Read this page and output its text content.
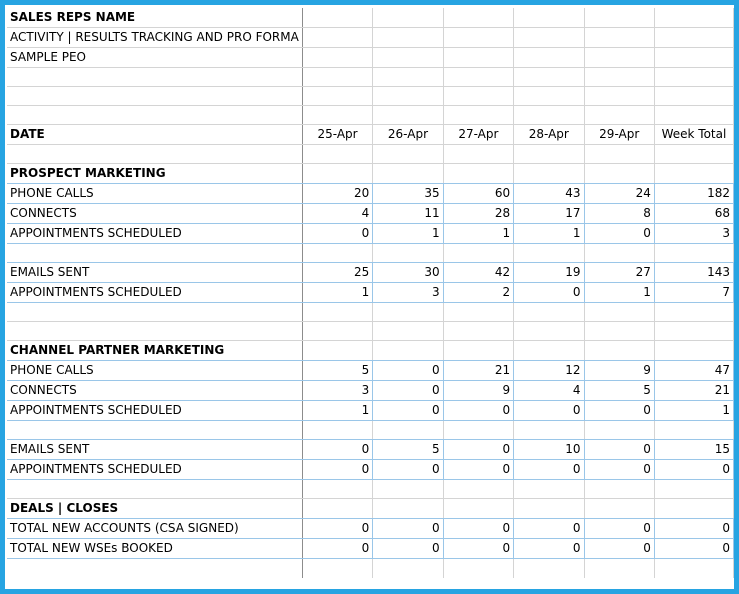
SALES REPS NAME						
ACTIVITY | RESULTS TRACKING AND PRO FORMA						
SAMPLE PEO						

DATE	25-Apr	26-Apr	27-Apr	28-Apr	29-Apr	Week Total

PROSPECT MARKETING						
PHONE CALLS	20	35	60	43	24	182
CONNECTS	4	11	28	17	8	68
APPOINTMENTS SCHEDULED	0	1	1	1	0	3

EMAILS SENT	25	30	42	19	27	143
APPOINTMENTS SCHEDULED	1	3	2	0	1	7

CHANNEL PARTNER MARKETING						
PHONE CALLS	5	0	21	12	9	47
CONNECTS	3	0	9	4	5	21
APPOINTMENTS SCHEDULED	1	0	0	0	0	1

EMAILS SENT	0	5	0	10	0	15
APPOINTMENTS SCHEDULED	0	0	0	0	0	0

DEALS | CLOSES						
TOTAL NEW ACCOUNTS (CSA SIGNED)	0	0	0	0	0	0
TOTAL NEW WSEs BOOKED	0	0	0	0	0	0
